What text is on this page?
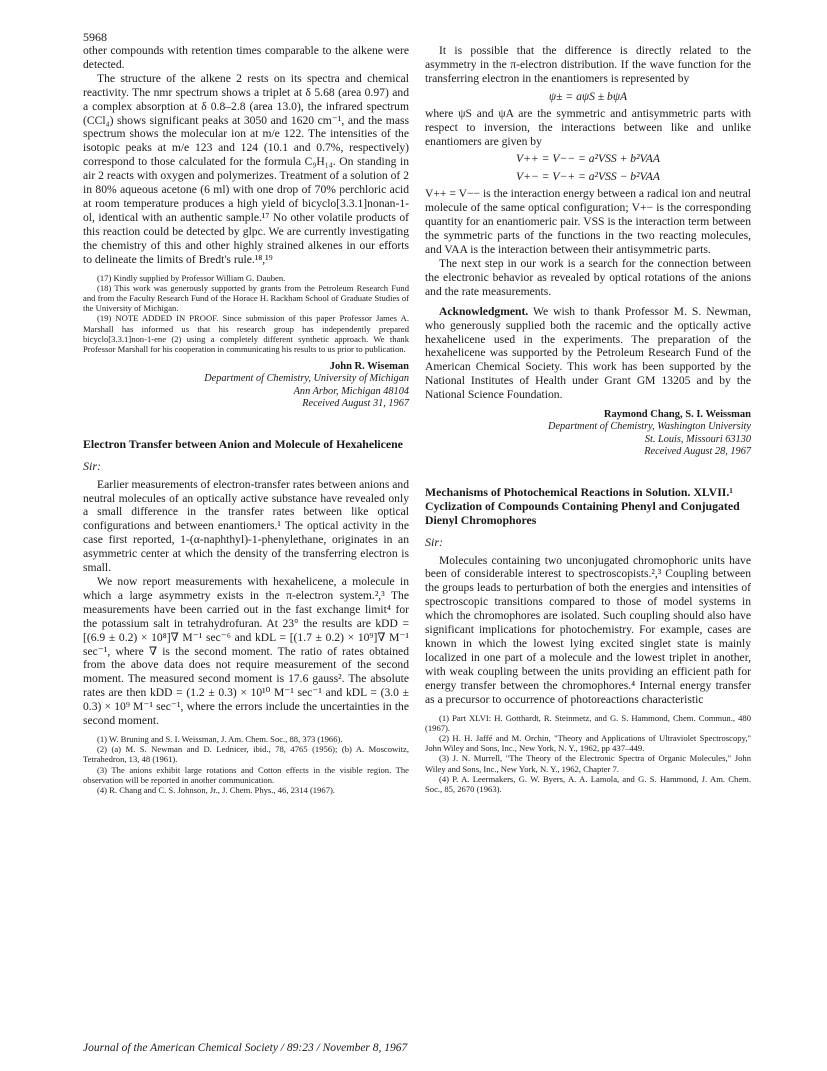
5968

other compounds with retention times comparable to the alkene were detected.

The structure of the alkene 2 rests on its spectra and chemical reactivity. The nmr spectrum shows a triplet at δ 5.68 (area 0.97) and a complex absorption at δ 0.8–2.8 (area 13.0), the infrared spectrum (CCl₄) shows significant peaks at 3050 and 1620 cm⁻¹, and the mass spectrum shows the molecular ion at m/e 122. The intensities of the isotopic peaks at m/e 123 and 124 (10.1 and 0.7%, respectively) correspond to those calculated for the formula C₉H₁₄. On standing in air 2 reacts with oxygen and polymerizes. Treatment of a solution of 2 in 80% aqueous acetone (6 ml) with one drop of 70% perchloric acid at room temperature produces a high yield of bicyclo[3.3.1]nonan-1-ol, identical with an authentic sample.¹⁷ No other volatile products of this reaction could be detected by glpc. We are currently investigating the chemistry of this and other highly strained alkenes in our efforts to delineate the limits of Bredt's rule.¹⁸,¹⁹

(17) Kindly supplied by Professor William G. Dauben.

(18) This work was generously supported by grants from the Petroleum Research Fund and from the Faculty Research Fund of the Horace H. Rackham School of Graduate Studies of the University of Michigan.

(19) NOTE ADDED IN PROOF. Since submission of this paper Professor James A. Marshall has informed us that his research group has independently prepared bicyclo[3.3.1]non-1-ene (2) using a completely different synthetic approach. We thank Professor Marshall for his cooperation in communicating his results to us prior to publication.

John R. Wiseman
Department of Chemistry, University of Michigan
Ann Arbor, Michigan 48104
Received August 31, 1967
Electron Transfer between Anion and Molecule of Hexahelicene
Sir:

Earlier measurements of electron-transfer rates between anions and neutral molecules of an optically active substance have revealed only a small difference in the transfer rates between like optical configurations and between enantiomers.¹ The optical activity in the case first reported, 1-(α-naphthyl)-1-phenylethane, originates in an asymmetric center at which the density of the transferring electron is small.

We now report measurements with hexahelicene, a molecule in which a large asymmetry exists in the π-electron system.²,³ The measurements have been carried out in the fast exchange limit⁴ for the potassium salt in tetrahydrofuran. At 23° the results are kDD = [(6.9 ± 0.2) × 10⁸]∇ M⁻¹ sec⁻⁶ and kDL = [(1.7 ± 0.2) × 10⁹]∇ M⁻¹ sec⁻¹, where ∇ is the second moment. The ratio of rates obtained from the above data does not require measurement of the second moment. The measured second moment is 17.6 gauss². The absolute rates are then kDD = (1.2 ± 0.3) × 10¹⁰ M⁻¹ sec⁻¹ and kDL = (3.0 ± 0.3) × 10⁹ M⁻¹ sec⁻¹, where the errors include the uncertainties in the second moment.

(1) W. Bruning and S. I. Weissman, J. Am. Chem. Soc., 88, 373 (1966).

(2) (a) M. S. Newman and D. Lednicer, ibid., 78, 4765 (1956); (b) A. Moscowitz, Tetrahedron, 13, 48 (1961).

(3) The anions exhibit large rotations and Cotton effects in the visible region. The observation will be reported in another communication.

(4) R. Chang and C. S. Johnson, Jr., J. Chem. Phys., 46, 2314 (1967).

It is possible that the difference is directly related to the asymmetry in the π-electron distribution. If the wave function for the transferring electron in the enantiomers is represented by

ψ± = aψS ± bψA

where ψS and ψA are the symmetric and antisymmetric parts with respect to inversion, the interactions between like and unlike enantiomers are given by

V++ = V−− = a²VSS + b²VAA
V+− = V−+ = a²VSS − b²VAA

V++ = V−− is the interaction energy between a radical ion and neutral molecule of the same optical configuration; V+− is the corresponding quantity for an enantiomeric pair. VSS is the interaction term between the symmetric parts of the functions in the two reacting molecules, and VAA is the interaction between their antisymmetric parts.

The next step in our work is a search for the connection between the electronic behavior as revealed by optical rotations of the anions and the rate measurements.

Acknowledgment. We wish to thank Professor M. S. Newman, who generously supplied both the racemic and the optically active hexahelicene used in the experiments. The preparation of the hexahelicene was supported by the Petroleum Research Fund of the American Chemical Society. This work has been supported by the National Institutes of Health under Grant GM 13205 and by the National Science Foundation.

Raymond Chang, S. I. Weissman
Department of Chemistry, Washington University
St. Louis, Missouri 63130
Received August 28, 1967
Mechanisms of Photochemical Reactions in Solution. XLVII.¹ Cyclization of Compounds Containing Phenyl and Conjugated Dienyl Chromophores
Sir:

Molecules containing two unconjugated chromophoric units have been of considerable interest to spectroscopists.²,³ Coupling between the groups leads to perturbation of both the energies and intensities of spectroscopic transitions compared to those of model systems in which the chromophores are isolated. Such coupling should also have significant implications for photochemistry. For example, cases are known in which the lowest lying excited singlet state is mainly localized in one part of a molecule and the lowest triplet in another, with weak coupling between the units providing an efficient path for energy transfer between the chromophores.⁴ Internal energy transfer as a precursor to occurrence of photoreactions characteristic

(1) Part XLVI: H. Gotthardt, R. Steinmetz, and G. S. Hammond, Chem. Commun., 480 (1967).

(2) H. H. Jaffé and M. Orchin, "Theory and Applications of Ultraviolet Spectroscopy," John Wiley and Sons, Inc., New York, N. Y., 1962, pp 437–449.

(3) J. N. Murrell, "The Theory of the Electronic Spectra of Organic Molecules," John Wiley and Sons, Inc., New York, N. Y., 1962, Chapter 7.

(4) P. A. Leermakers, G. W. Byers, A. A. Lamola, and G. S. Hammond, J. Am. Chem. Soc., 85, 2670 (1963).

Journal of the American Chemical Society / 89:23 / November 8, 1967
